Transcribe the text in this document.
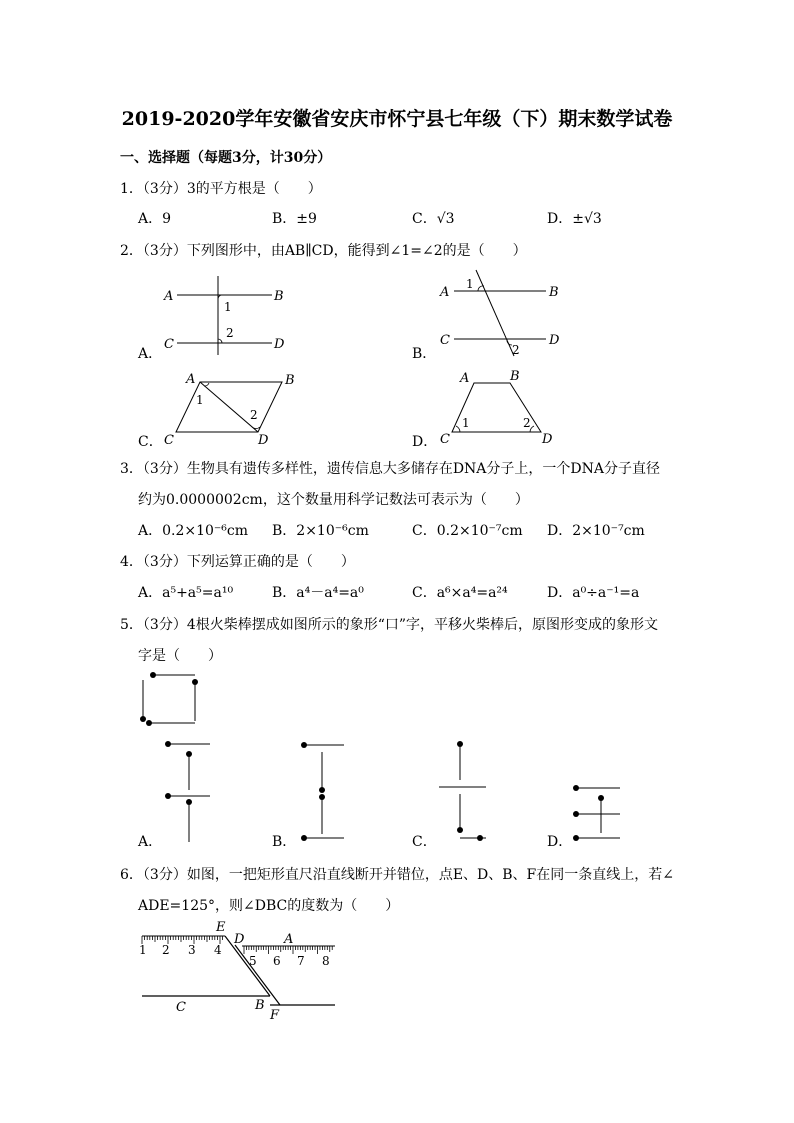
2019-2020学年安徽省安庆市怀宁县七年级（下）期末数学试卷
一、选择题（每题3分，计30分）
1．（3分）3的平方根是（　　）
A．9	B．±9	C．√3	D．±√3
2．（3分）下列图形中，由AB∥CD，能得到∠1=∠2的是（　　）
A．	B．
C．	D．
A	B
C	D
1
2
A	B
C	D
1
2
A	B
C	D
1
2
A	B
C	D
1	2
3．（3分）生物具有遗传多样性，遗传信息大多储存在DNA分子上，一个DNA分子直径
约为0.0000002cm，这个数量用科学记数法可表示为（　　）
A．0.2×10⁻⁶cm B．2×10⁻⁶cm	C．0.2×10⁻⁷cm D．2×10⁻⁷cm
4．（3分）下列运算正确的是（　　）
A．a⁵+a⁵=a¹⁰	B．a⁴－a⁴=a⁰	C．a⁶×a⁴=a²⁴	D．a⁰÷a⁻¹=a
5．（3分）4根火柴棒摆成如图所示的象形“口”字，平移火柴棒后，原图形变成的象形文
字是（　　）
A．	B．	C．	D．
6．（3分）如图，一把矩形直尺沿直线断开并错位，点E、D、B、F在同一条直线上，若∠
ADE=125°，则∠DBC的度数为（　　）
1 2 3 4
5 6 7 8
E
D	A
C	B
F
